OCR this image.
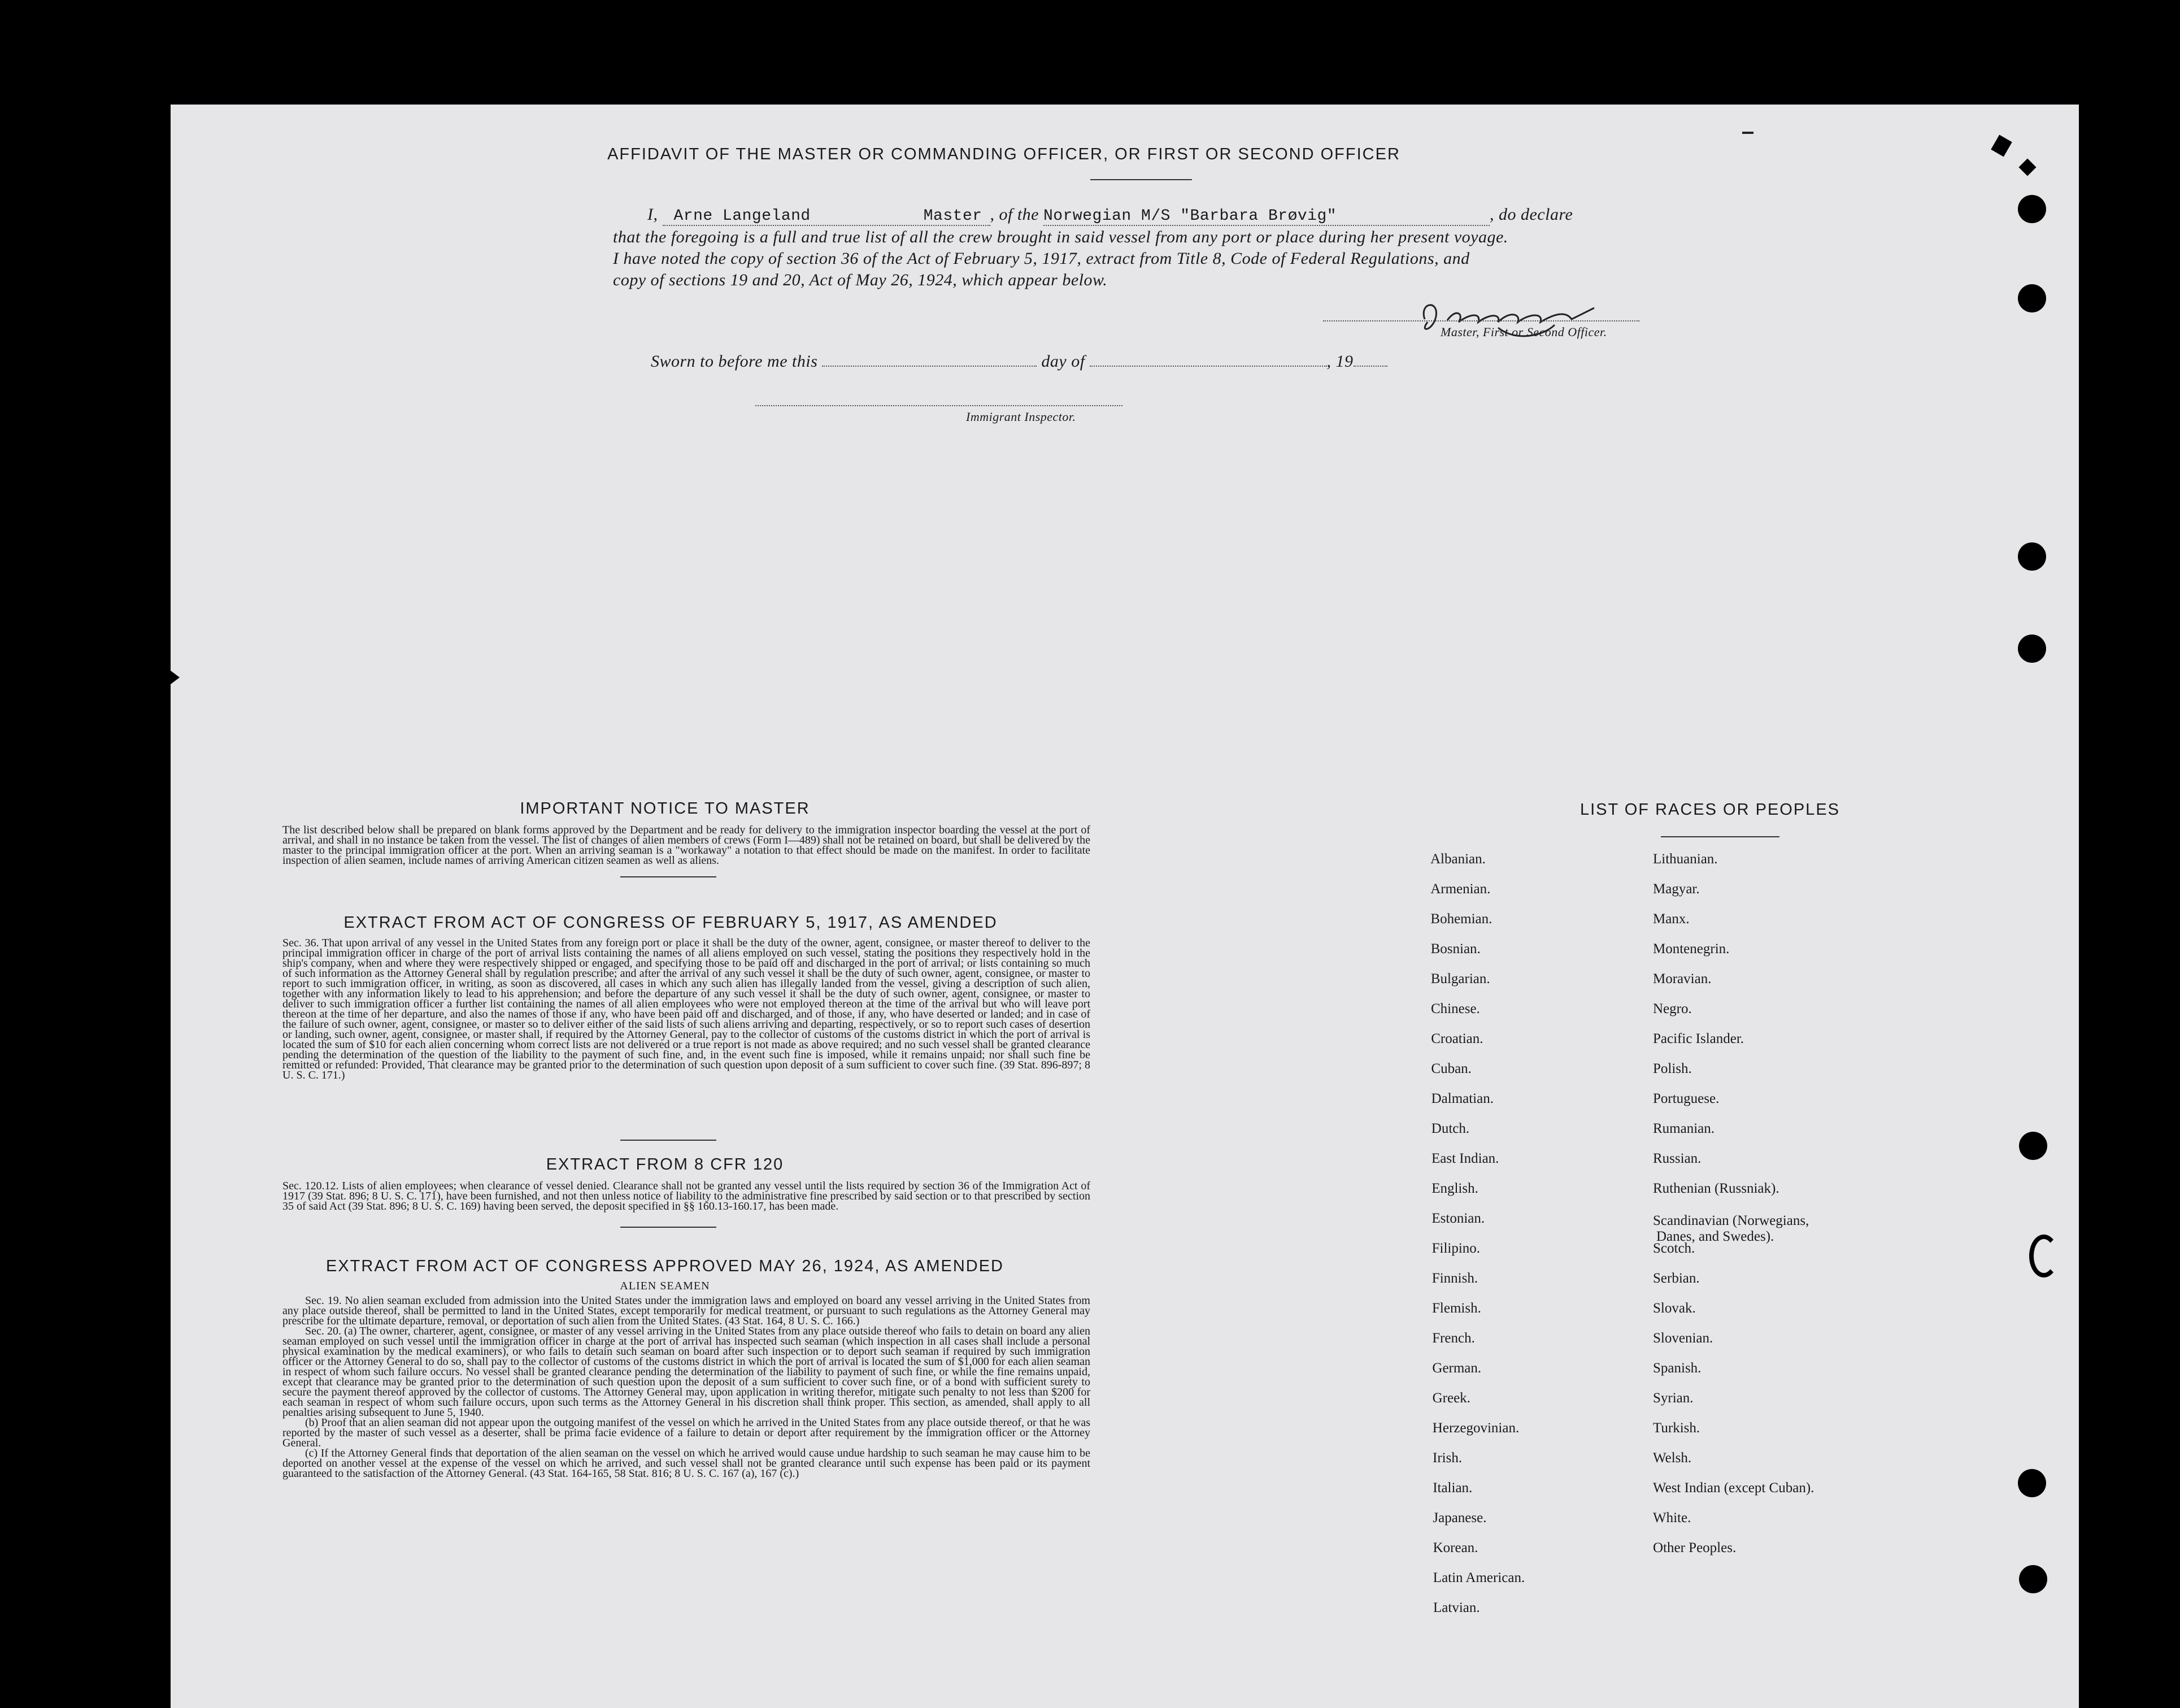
AFFIDAVIT OF THE MASTER OR COMMANDING OFFICER, OR FIRST OR SECOND OFFICER
I, Arne Langeland	Master , of the Norwegian M/S "Barbara Brøvig"	, do declare
that the foregoing is a full and true list of all the crew brought in said vessel from any port or place during her present voyage.
I have noted the copy of section 36 of the Act of February 5, 1917, extract from Title 8, Code of Federal Regulations, and
copy of sections 19 and 20, Act of May 26, 1924, which appear below.
Master, First or Second Officer.
Sworn to before me this	day of	, 19
Immigrant Inspector.
IMPORTANT NOTICE TO MASTER
The list described below shall be prepared on blank forms approved by the Department and be ready for delivery to the immigration inspector boarding the vessel at the port of arrival, and shall in no instance be taken from the vessel. The list of changes of alien members of crews (Form I—489) shall not be retained on board, but shall be delivered by the master to the principal immigration officer at the port. When an arriving seaman is a "workaway" a notation to that effect should be made on the manifest. In order to facilitate inspection of alien seamen, include names of arriving American citizen seamen as well as aliens.
EXTRACT FROM ACT OF CONGRESS OF FEBRUARY 5, 1917, AS AMENDED
Sec. 36. That upon arrival of any vessel in the United States from any foreign port or place it shall be the duty of the owner, agent, consignee, or master thereof to deliver to the principal immigration officer in charge of the port of arrival lists containing the names of all aliens employed on such vessel, stating the positions they respectively hold in the ship's company, when and where they were respectively shipped or engaged, and specifying those to be paid off and discharged in the port of arrival; or lists containing so much of such information as the Attorney General shall by regulation prescribe; and after the arrival of any such vessel it shall be the duty of such owner, agent, consignee, or master to report to such immigration officer, in writing, as soon as discovered, all cases in which any such alien has illegally landed from the vessel, giving a description of such alien, together with any information likely to lead to his apprehension; and before the departure of any such vessel it shall be the duty of such owner, agent, consignee, or master to deliver to such immigration officer a further list containing the names of all alien employees who were not employed thereon at the time of the arrival but who will leave port thereon at the time of her departure, and also the names of those if any, who have been paid off and discharged, and of those, if any, who have deserted or landed; and in case of the failure of such owner, agent, consignee, or master so to deliver either of the said lists of such aliens arriving and departing, respectively, or so to report such cases of desertion or landing, such owner, agent, consignee, or master shall, if required by the Attorney General, pay to the collector of customs of the customs district in which the port of arrival is located the sum of $10 for each alien concerning whom correct lists are not delivered or a true report is not made as above required; and no such vessel shall be granted clearance pending the determination of the question of the liability to the payment of such fine, and, in the event such fine is imposed, while it remains unpaid; nor shall such fine be remitted or refunded: Provided, That clearance may be granted prior to the determination of such question upon deposit of a sum sufficient to cover such fine. (39 Stat. 896-897; 8 U. S. C. 171.)
EXTRACT FROM 8 CFR 120
Sec. 120.12. Lists of alien employees; when clearance of vessel denied. Clearance shall not be granted any vessel until the lists required by section 36 of the Immigration Act of 1917 (39 Stat. 896; 8 U. S. C. 171), have been furnished, and not then unless notice of liability to the administrative fine prescribed by said section or to that prescribed by section 35 of said Act (39 Stat. 896; 8 U. S. C. 169) having been served, the deposit specified in §§ 160.13-160.17, has been made.
EXTRACT FROM ACT OF CONGRESS APPROVED MAY 26, 1924, AS AMENDED
ALIEN SEAMEN
Sec. 19. No alien seaman excluded from admission into the United States under the immigration laws and employed on board any vessel arriving in the United States from any place outside thereof, shall be permitted to land in the United States, except temporarily for medical treatment, or pursuant to such regulations as the Attorney General may prescribe for the ultimate departure, removal, or deportation of such alien from the United States. (43 Stat. 164, 8 U. S. C. 166.)
Sec. 20. (a) The owner, charterer, agent, consignee, or master of any vessel arriving in the United States from any place outside thereof who fails to detain on board any alien seaman employed on such vessel until the immigration officer in charge at the port of arrival has inspected such seaman (which inspection in all cases shall include a personal physical examination by the medical examiners), or who fails to detain such seaman on board after such inspection or to deport such seaman if required by such immigration officer or the Attorney General to do so, shall pay to the collector of customs of the customs district in which the port of arrival is located the sum of $1,000 for each alien seaman in respect of whom such failure occurs. No vessel shall be granted clearance pending the determination of the liability to payment of such fine, or while the fine remains unpaid, except that clearance may be granted prior to the determination of such question upon the deposit of a sum sufficient to cover such fine, or of a bond with sufficient surety to secure the payment thereof approved by the collector of customs. The Attorney General may, upon application in writing therefor, mitigate such penalty to not less than $200 for each seaman in respect of whom such failure occurs, upon such terms as the Attorney General in his discretion shall think proper. This section, as amended, shall apply to all penalties arising subsequent to June 5, 1940.
(b) Proof that an alien seaman did not appear upon the outgoing manifest of the vessel on which he arrived in the United States from any place outside thereof, or that he was reported by the master of such vessel as a deserter, shall be prima facie evidence of a failure to detain or deport after requirement by the immigration officer or the Attorney General.
(c) If the Attorney General finds that deportation of the alien seaman on the vessel on which he arrived would cause undue hardship to such seaman he may cause him to be deported on another vessel at the expense of the vessel on which he arrived, and such vessel shall not be granted clearance until such expense has been paid or its payment guaranteed to the satisfaction of the Attorney General. (43 Stat. 164-165, 58 Stat. 816; 8 U. S. C. 167 (a), 167 (c).)
LIST OF RACES OR PEOPLES
Albanian.
Armenian.
Bohemian.
Bosnian.
Bulgarian.
Chinese.
Croatian.
Cuban.
Dalmatian.
Dutch.
East Indian.
English.
Estonian.
Filipino.
Finnish.
Flemish.
French.
German.
Greek.
Herzegovinian.
Irish.
Italian.
Japanese.
Korean.
Latin American.
Latvian.
Lithuanian.
Magyar.
Manx.
Montenegrin.
Moravian.
Negro.
Pacific Islander.
Polish.
Portuguese.
Rumanian.
Russian.
Ruthenian (Russniak).
Scandinavian (Norwegians,
Danes, and Swedes).
Scotch.
Serbian.
Slovak.
Slovenian.
Spanish.
Syrian.
Turkish.
Welsh.
West Indian (except Cuban).
White.
Other Peoples.
